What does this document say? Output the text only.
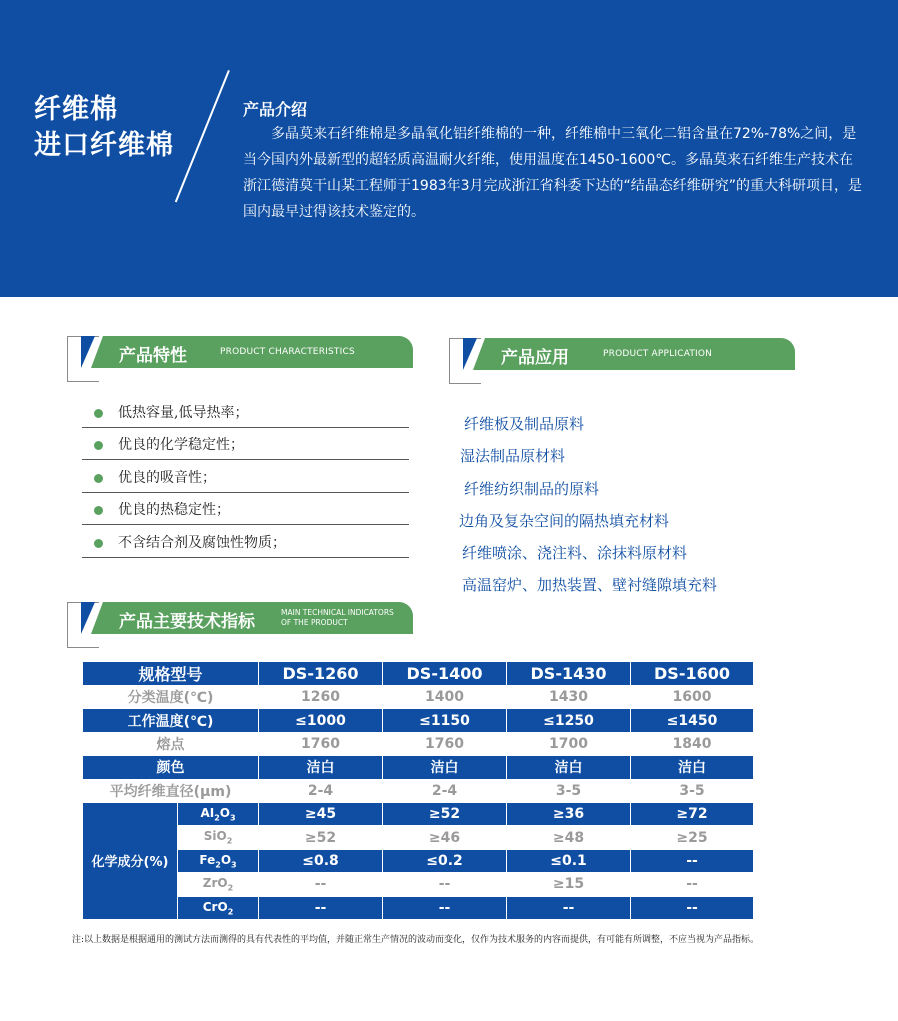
纤维棉
进口纤维棉
产品介绍
多晶莫来石纤维棉是多晶氧化铝纤维棉的一种，纤维棉中三氧化二铝含量在72%-78%之间，是当今国内外最新型的超轻质高温耐火纤维，使用温度在1450-1600℃。多晶莫来石纤维生产技术在浙江德清莫干山某工程师于1983年3月完成浙江省科委下达的“结晶态纤维研究”的重大科研项目，是国内最早过得该技术鉴定的。
产品特性	PRODUCT CHARACTERISTICS
低热容量,低导热率；
优良的化学稳定性；
优良的吸音性；
优良的热稳定性；
不含结合剂及腐蚀性物质；
产品应用	PRODUCT APPLICATION
纤维板及制品原料
湿法制品原材料
纤维纺织制品的原料
边角及复杂空间的隔热填充材料
纤维喷涂、浇注料、涂抹料原材料
高温窑炉、加热装置、壁衬缝隙填充料
产品主要技术指标	MAIN TECHNICAL INDICATORS
OF THE PRODUCT
规格型号		DS-1260	DS-1400	DS-1430	DS-1600
分类温度(℃)		1260	1400	1430	1600
工作温度(℃)		≤1000	≤1150	≤1250	≤1450
熔点		1760	1760	1700	1840
颜色		洁白	洁白	洁白	洁白
平均纤维直径(μm)		2-4	2-4	3-5	3-5
化学成分(%)	$AI_2O_3$	≥45	≥52	≥36	≥72
	SiO$_2$	≥52	≥46	≥48	≥25
	$Fe_2O_3$	≤0.8	≤0.2	≤0.1	--
	ZrO$_2$	--	--	≥15	--
	CrO$_2$	--	--	--	--
注:以上数据是根据通用的测试方法而测得的具有代表性的平均值，并随正常生产情况的波动而变化，仅作为技术服务的内容而提供，有可能有所调整，不应当视为产品指标。
